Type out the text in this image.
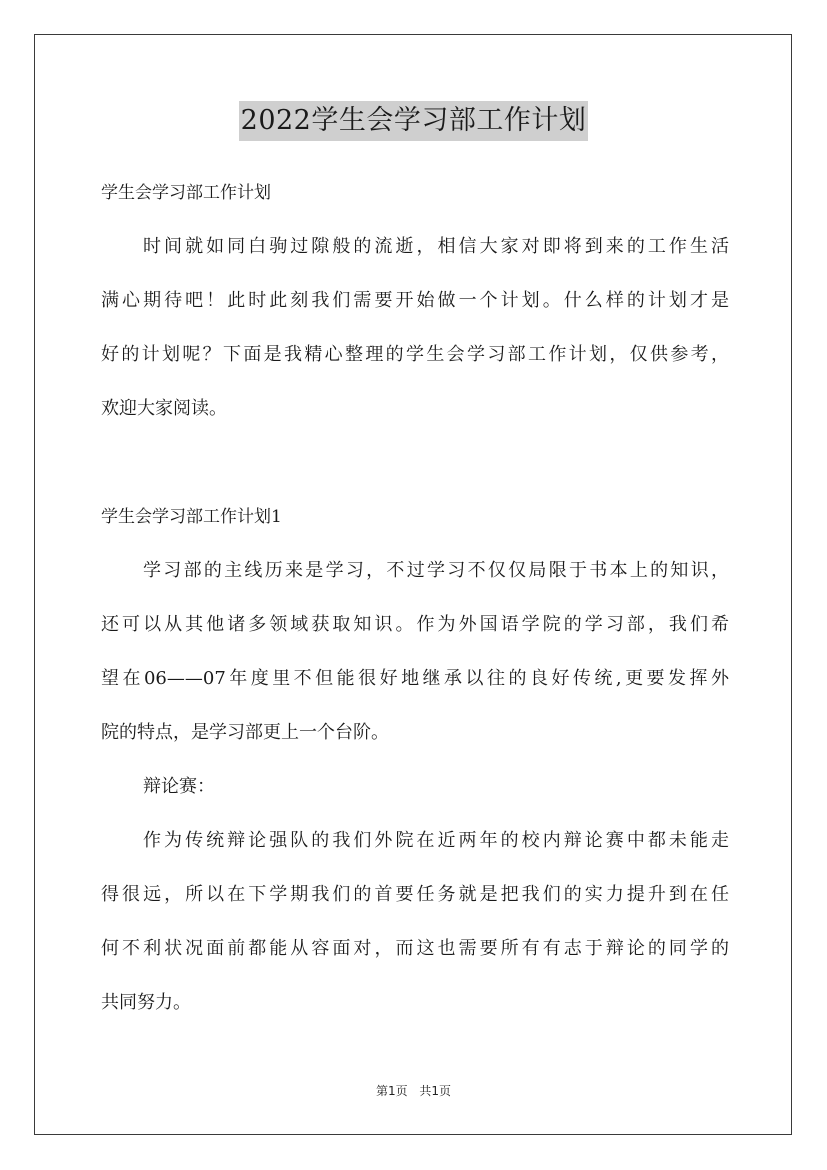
2022学生会学习部工作计划
学生会学习部工作计划
时间就如同白驹过隙般的流逝，相信大家对即将到来的工作生活
满心期待吧！此时此刻我们需要开始做一个计划。什么样的计划才是
好的计划呢？下面是我精心整理的学生会学习部工作计划，仅供参考，
欢迎大家阅读。
学生会学习部工作计划1
学习部的主线历来是学习，不过学习不仅仅局限于书本上的知识，
还可以从其他诸多领域获取知识。作为外国语学院的学习部，我们希
望在06——07年度里不但能很好地继承以往的良好传统,更要发挥外
院的特点，是学习部更上一个台阶。
辩论赛：
作为传统辩论强队的我们外院在近两年的校内辩论赛中都未能走
得很远，所以在下学期我们的首要任务就是把我们的实力提升到在任
何不利状况面前都能从容面对，而这也需要所有有志于辩论的同学的
共同努力。
第1页 共1页
